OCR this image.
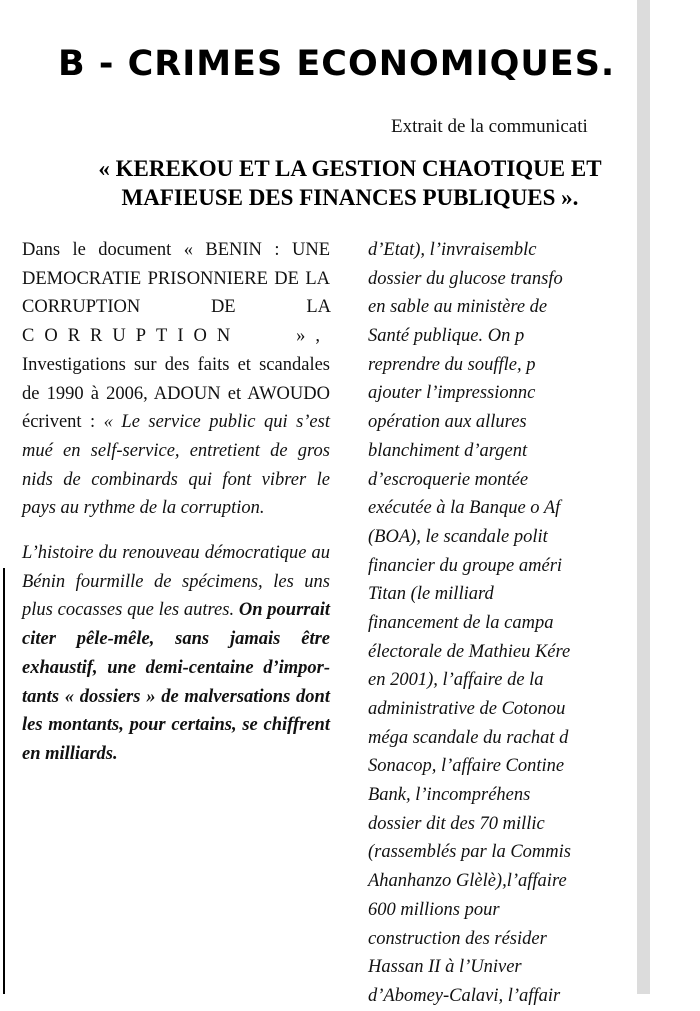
B - CRIMES ECONOMIQUES.
Extrait de la communicati
« KEREKOU ET LA GESTION CHAOTIQUE ET
MAFIEUSE DES FINANCES PUBLIQUES ».

Dans le document « BENIN : UNE DEMOCRATIE PRISONNIERE DE LA CORRUPTION DE LA CORRUPTION », Investigations sur des faits et scandales de 1990 à 2006, ADOUN et AWOUDO écrivent : « Le service public qui s’est mué en self-service, entretient de gros nids de combinards qui font vibrer le pays au rythme de la corruption.

L’histoire du renouveau démocratique au Bénin fourmille de spécimens, les uns plus cocasses que les autres. On pourrait citer pêle-mêle, sans jamais être exhaustif, une demi-centaine d’importants « dossiers » de malversations dont les montants, pour certains, se chiffrent en milliards.

d’Etat), l’invraisemblc
dossier du glucose transfo
en sable au ministère de
Santé publique. On p
reprendre du souffle, p
ajouter l’impressionnc
opération aux allures
blanchiment d’argent
d’escroquerie montée
exécutée à la Banque o Af
(BOA), le scandale polit
financier du groupe améri
Titan (le milliard
financement de la campa
électorale de Mathieu Kére
en 2001), l’affaire de la
administrative de Cotonou
méga scandale du rachat d
Sonacop, l’affaire Contine
Bank, l’incompréhens
dossier dit des 70 millic
(rassemblés par la Commis
Ahanhanzo Glèlè),l’affaire
600 millions pour
construction des résider
Hassan II à l’Univer
d’Abomey-Calavi, l’affair
